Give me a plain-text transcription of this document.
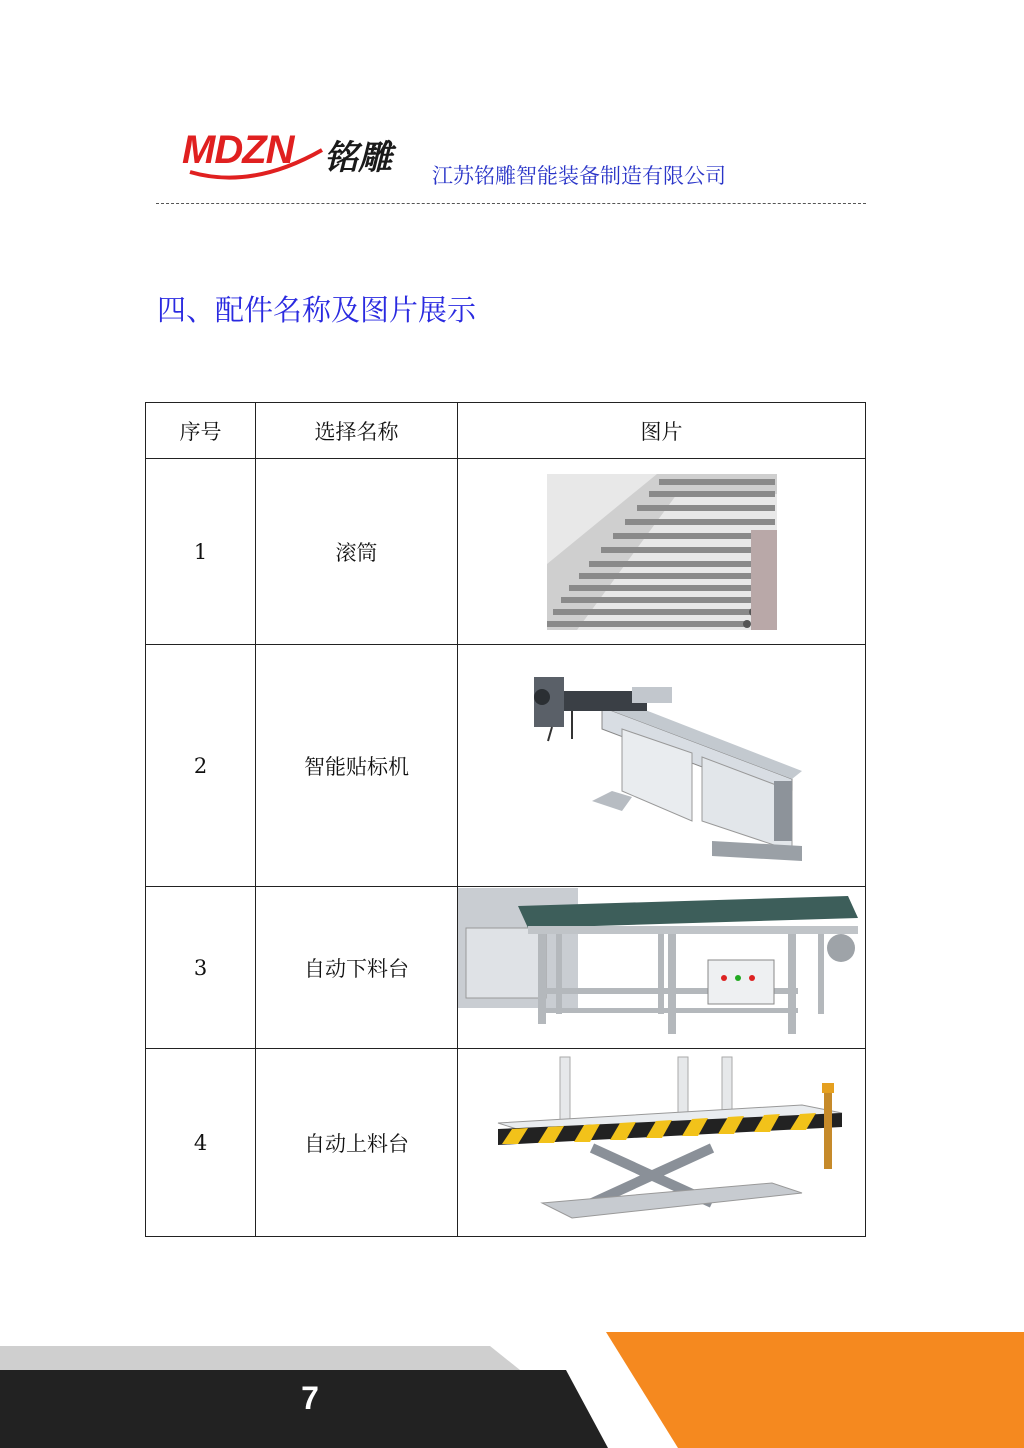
MDZN 铭雕 江苏铭雕智能装备制造有限公司
四、配件名称及图片展示
序号	选择名称	图片
1	滚筒	

2	智能贴标机	

3	自动下料台	

4	自动上料台	
7
